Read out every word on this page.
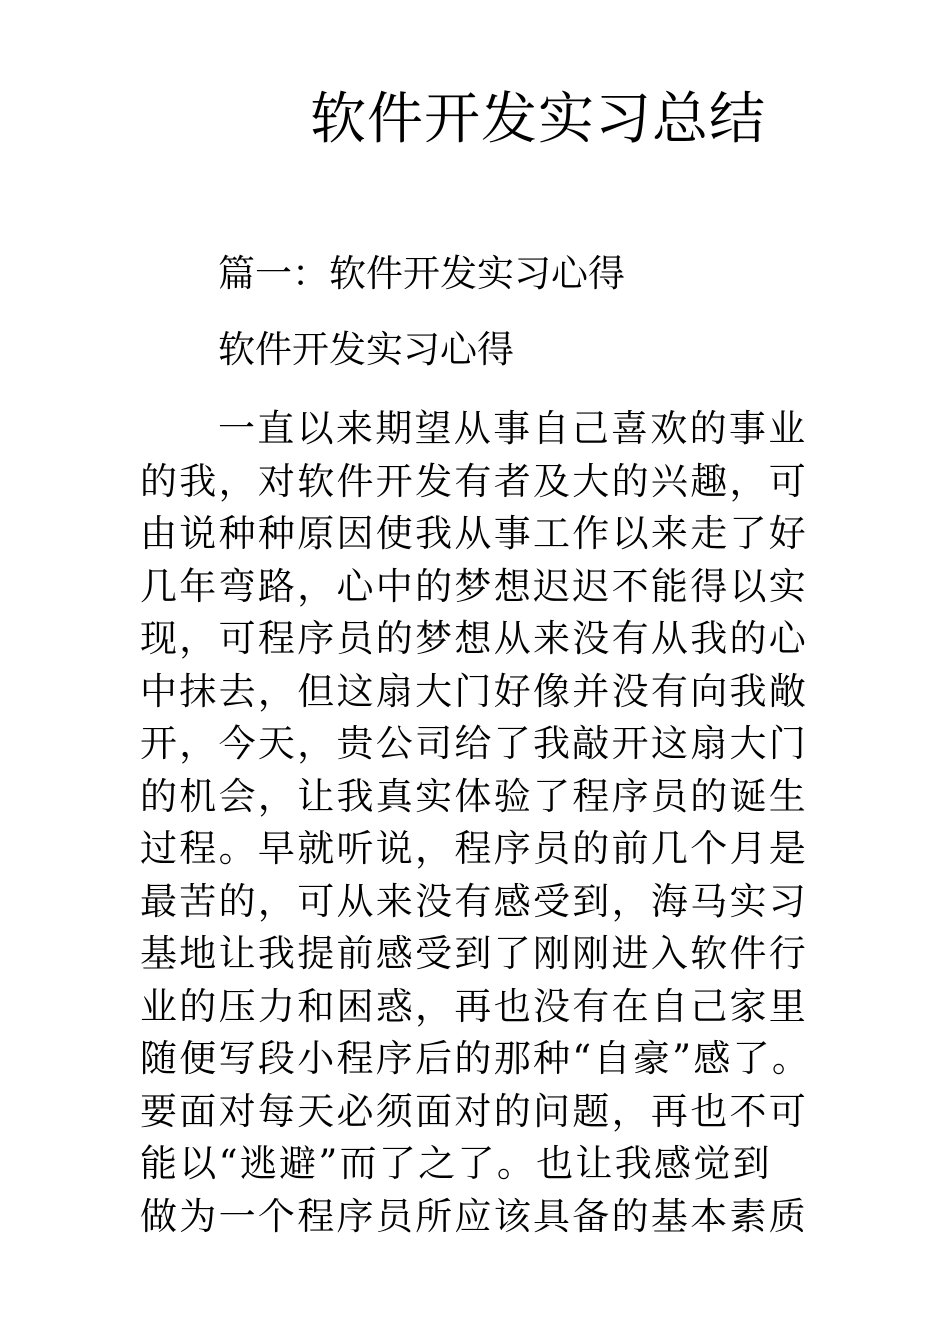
软件开发实习总结

篇一：软件开发实习心得

软件开发实习心得

一直以来期望从事自己喜欢的事业
的我，对软件开发有者及大的兴趣，可
由说种种原因使我从事工作以来走了好
几年弯路，心中的梦想迟迟不能得以实
现，可程序员的梦想从来没有从我的心
中抹去，但这扇大门好像并没有向我敞
开，今天，贵公司给了我敲开这扇大门
的机会，让我真实体验了程序员的诞生
过程。早就听说，程序员的前几个月是
最苦的，可从来没有感受到，海马实习
基地让我提前感受到了刚刚进入软件行
业的压力和困惑，再也没有在自己家里
随便写段小程序后的那种“自豪”感了。
要面对每天必须面对的问题，再也不可
能以“逃避”而了之了。也让我感觉到
做为一个程序员所应该具备的基本素质
